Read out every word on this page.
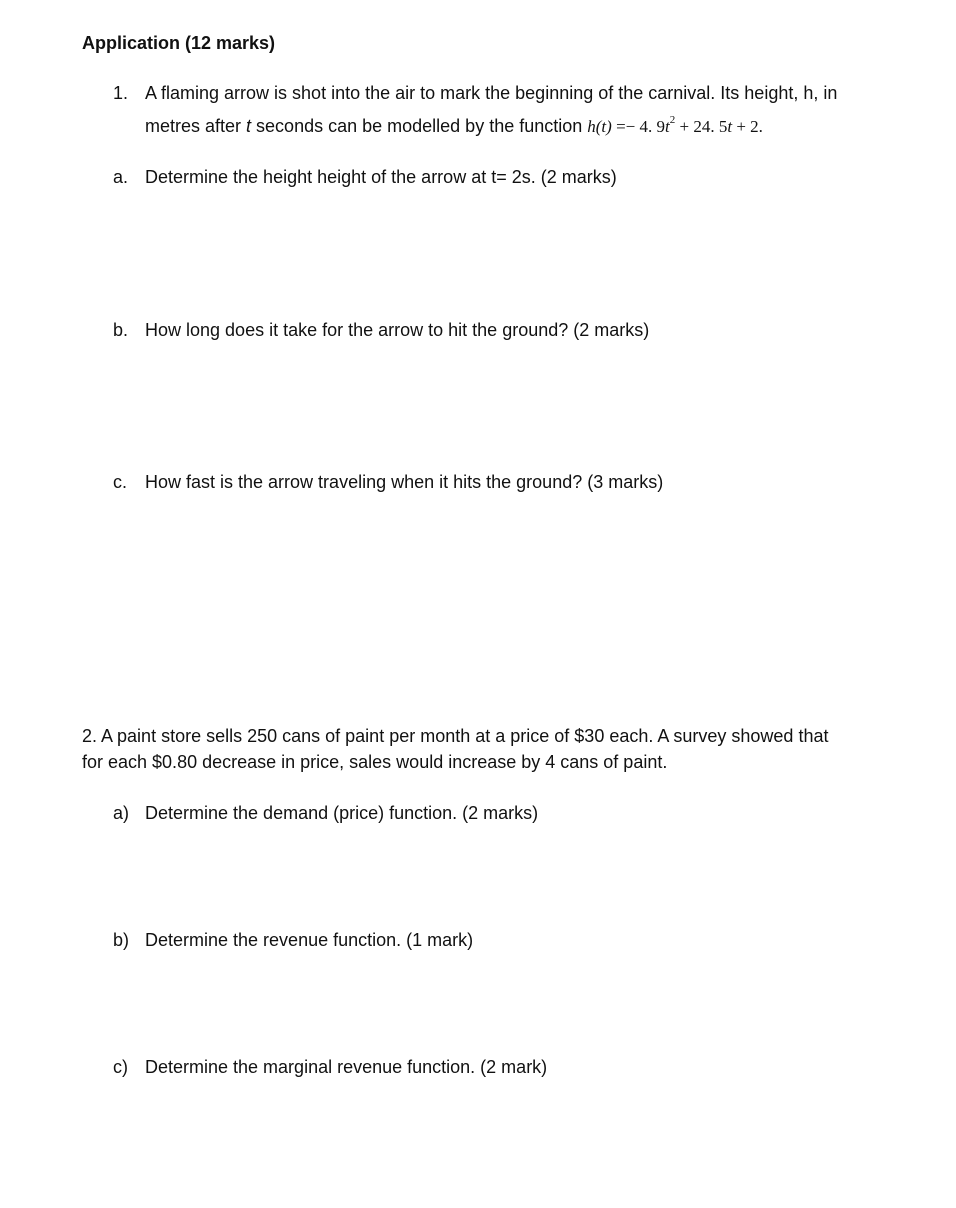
Application (12 marks)
1. A flaming arrow is shot into the air to mark the beginning of the carnival. Its height, h, in
metres after t seconds can be modelled by the function h(t) =− 4. $9t^2 + 24$. 5t + 2.
a. Determine the height height of the arrow at t= 2s. (2 marks)
b. How long does it take for the arrow to hit the ground? (2 marks)
c. How fast is the arrow traveling when it hits the ground? (3 marks)
2. A paint store sells 250 cans of paint per month at a price of $30 each. A survey showed that
for each $0.80 decrease in price, sales would increase by 4 cans of paint.
a) Determine the demand (price) function. (2 marks)
b) Determine the revenue function. (1 mark)
c) Determine the marginal revenue function. (2 mark)
